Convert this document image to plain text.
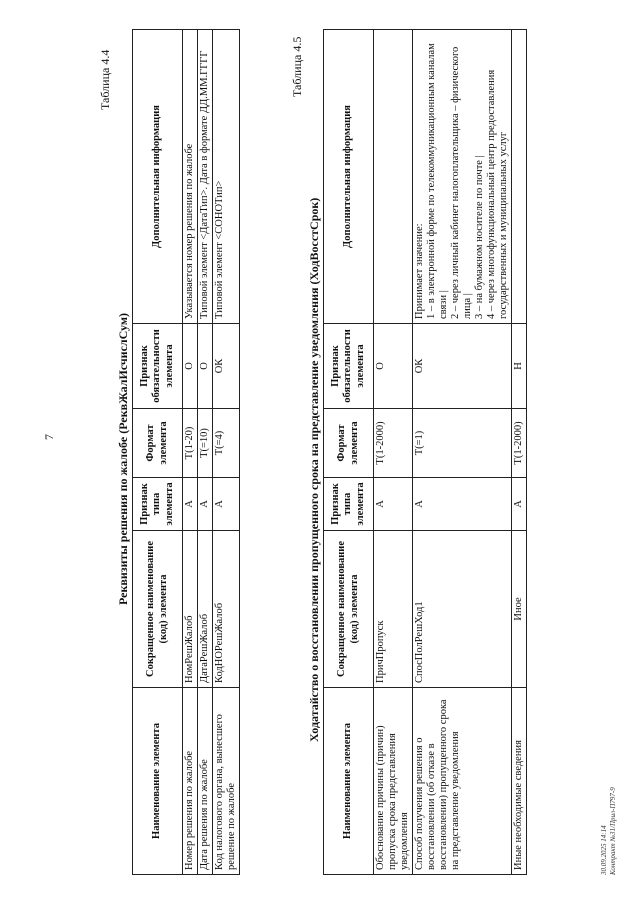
7
Таблица 4.4
Реквизиты решения по жалобе (РеквЖалИсчислСум)
Наименование элемента	Сокращенное наименование (код) элемента	Признак типа элемента	Формат элемента	Признак обязательности элемента	Дополнительная информация
Номер решения по жалобе	НомРешЖалоб	А	T(1-20)	О	Указывается номер решения по жалобе
Дата решения по жалобе	ДатаРешЖалоб	А	T(=10)	О	Типовой элемент <ДатаТип>. Дата в формате ДД.ММ.ГГГГ
Код налогового органа, вынесшего решение по жалобе	КодНОРешЖалоб	А	T(=4)	ОК	Типовой элемент <СОНОТип>
Таблица 4.5
Ходатайство о восстановлении пропущенного срока на представление уведомления (ХодВосстСрок)
Наименование элемента	Сокращенное наименование (код) элемента	Признак типа элемента	Формат элемента	Признак обязательности элемента	Дополнительная информация
Обоснование причины (причин) пропуска срока представления уведомления	ПричПропуск	А	T(1-2000)	О	
Способ получения решения о восстановлении (об отказе в восстановлении) пропущенного срока на представление уведомления	СпосПолРешХод1	А	T(=1)	ОК	Принимает значение: 1 – в электронной форме по телекоммуникационным каналам связи | 2 – через личный кабинет налогоплательщика – физического лица | 3 – на бумажном носителе по почте | 4 – через многофункциональный центр предоставления государственных и муниципальных услуг

Иные необходимые сведения	Иное	А	T(1-2000)	Н	
30.09.2025 14:14 Контракт №31/Прил-П797-9
